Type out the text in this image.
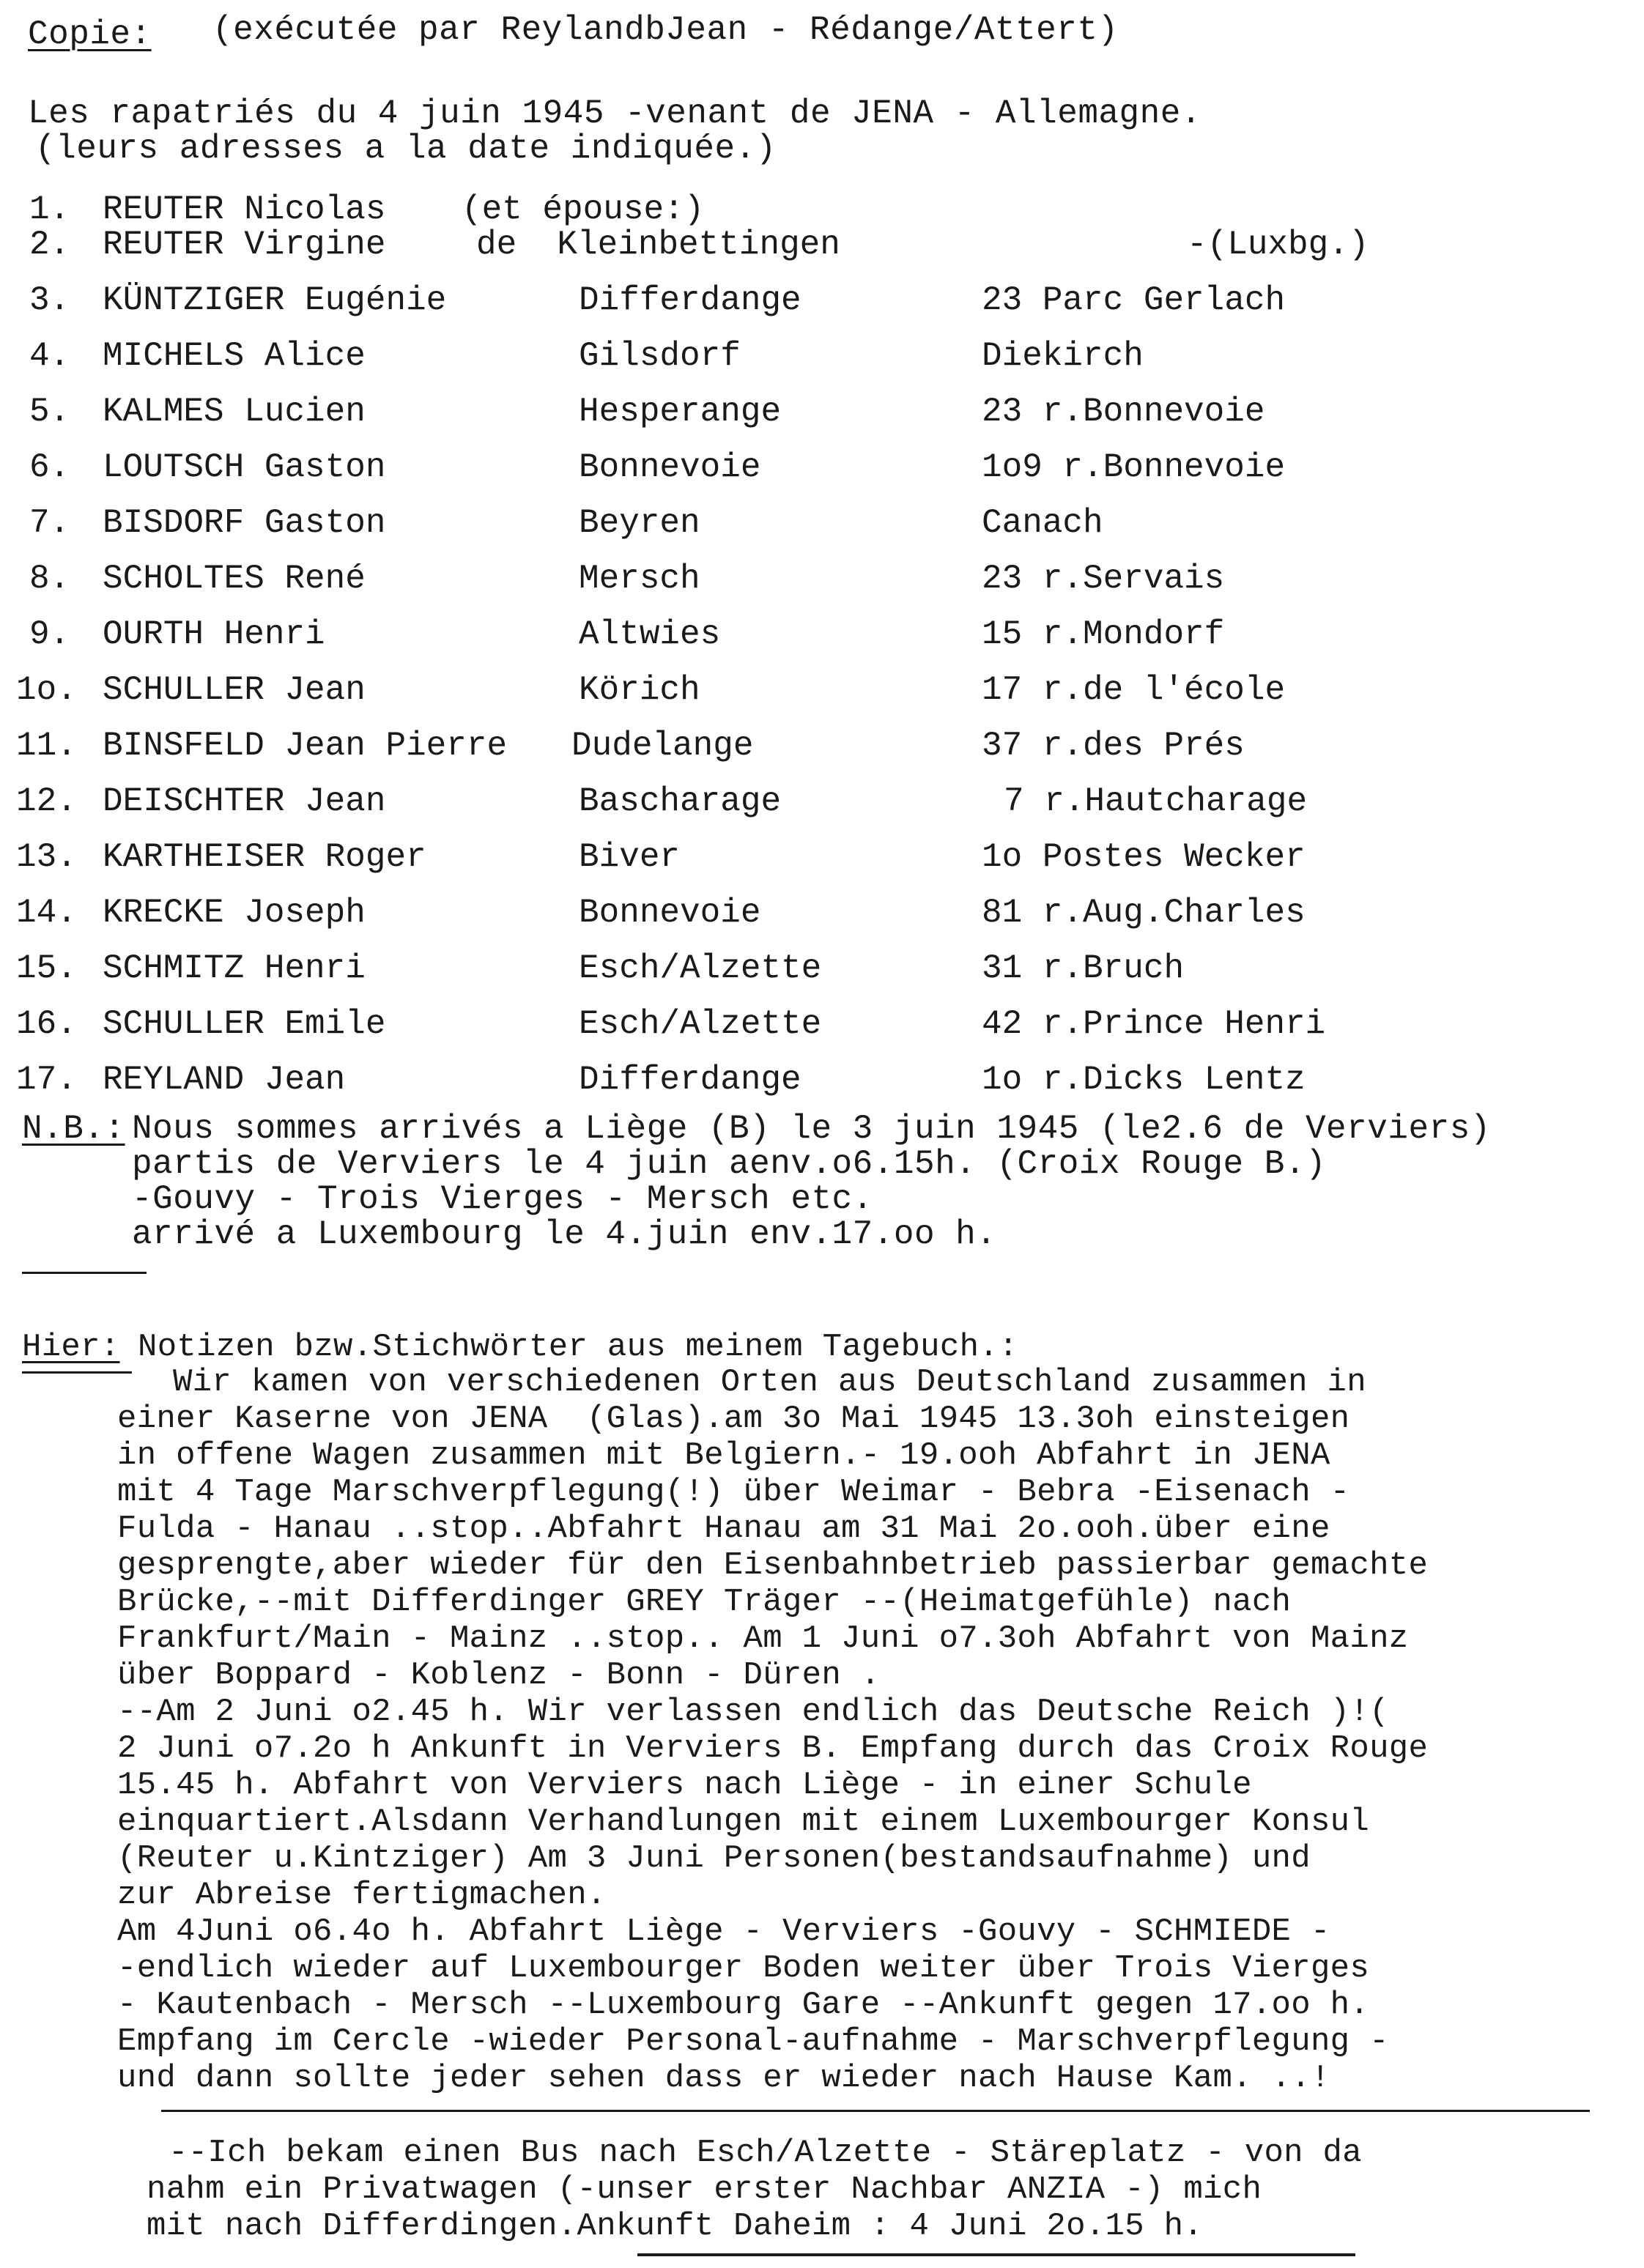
Copie: (exécutée par ReylandbJean - Rédange/Attert)
Les rapatriés du 4 juin 1945 -venant de JENA - Allemagne.
(leurs adresses a la date indiquée.)
1. REUTER Nicolas (et épouse:)
2. REUTER Virgine	de  Kleinbettingen	-(Luxbg.)
3. KÜNTZIGER Eugénie	Differdange	23 Parc Gerlach
4. MICHELS Alice	Gilsdorf	Diekirch
5. KALMES Lucien	Hesperange	23 r.Bonnevoie
6. LOUTSCH Gaston	Bonnevoie	1o9 r.Bonnevoie
7. BISDORF Gaston	Beyren	Canach
8. SCHOLTES René	Mersch	23 r.Servais
9. OURTH Henri	Altwies	15 r.Mondorf
1o. SCHULLER Jean	Körich	17 r.de l'école
11. BINSFELD Jean Pierre Dudelange	37 r.des Prés
12. DEISCHTER Jean	Bascharage	7 r.Hautcharage
13. KARTHEISER Roger	Biver	1o Postes Wecker
14. KRECKE Joseph	Bonnevoie	81 r.Aug.Charles
15. SCHMITZ Henri	Esch/Alzette	31 r.Bruch
16. SCHULLER Emile	Esch/Alzette	42 r.Prince Henri
17. REYLAND Jean	Differdange	1o r.Dicks Lentz
N.B.: Nous sommes arrivés a Liège (B) le 3 juin 1945 (le2.6 de Verviers)
partis de Verviers le 4 juin aenv.o6.15h. (Croix Rouge B.)
-Gouvy - Trois Vierges - Mersch etc.
arrivé a Luxembourg le 4.juin env.17.oo h.
Hier: Notizen bzw.Stichwörter aus meinem Tagebuch.:
Wir kamen von verschiedenen Orten aus Deutschland zusammen in
einer Kaserne von JENA  (Glas).am 3o Mai 1945 13.3oh einsteigen
in offene Wagen zusammen mit Belgiern.- 19.ooh Abfahrt in JENA
mit 4 Tage Marschverpflegung(!) über Weimar - Bebra -Eisenach -
Fulda - Hanau ..stop..Abfahrt Hanau am 31 Mai 2o.ooh.über eine
gesprengte,aber wieder für den Eisenbahnbetrieb passierbar gemachte
Brücke,--mit Differdinger GREY Träger --(Heimatgefühle) nach
Frankfurt/Main - Mainz ..stop.. Am 1 Juni o7.3oh Abfahrt von Mainz
über Boppard - Koblenz - Bonn - Düren .
--Am 2 Juni o2.45 h. Wir verlassen endlich das Deutsche Reich )!(
2 Juni o7.2o h Ankunft in Verviers B. Empfang durch das Croix Rouge
15.45 h. Abfahrt von Verviers nach Liège - in einer Schule
einquartiert.Alsdann Verhandlungen mit einem Luxembourger Konsul
(Reuter u.Kintziger) Am 3 Juni Personen(bestandsaufnahme) und
zur Abreise fertigmachen.
Am 4Juni o6.4o h. Abfahrt Liège - Verviers -Gouvy - SCHMIEDE -
-endlich wieder auf Luxembourger Boden weiter über Trois Vierges
- Kautenbach - Mersch --Luxembourg Gare --Ankunft gegen 17.oo h.
Empfang im Cercle -wieder Personal-aufnahme - Marschverpflegung -
und dann sollte jeder sehen dass er wieder nach Hause Kam. ..!
--Ich bekam einen Bus nach Esch/Alzette - Stäreplatz - von da
nahm ein Privatwagen (-unser erster Nachbar ANZIA -) mich
mit nach Differdingen.Ankunft Daheim : 4 Juni 2o.15 h.
